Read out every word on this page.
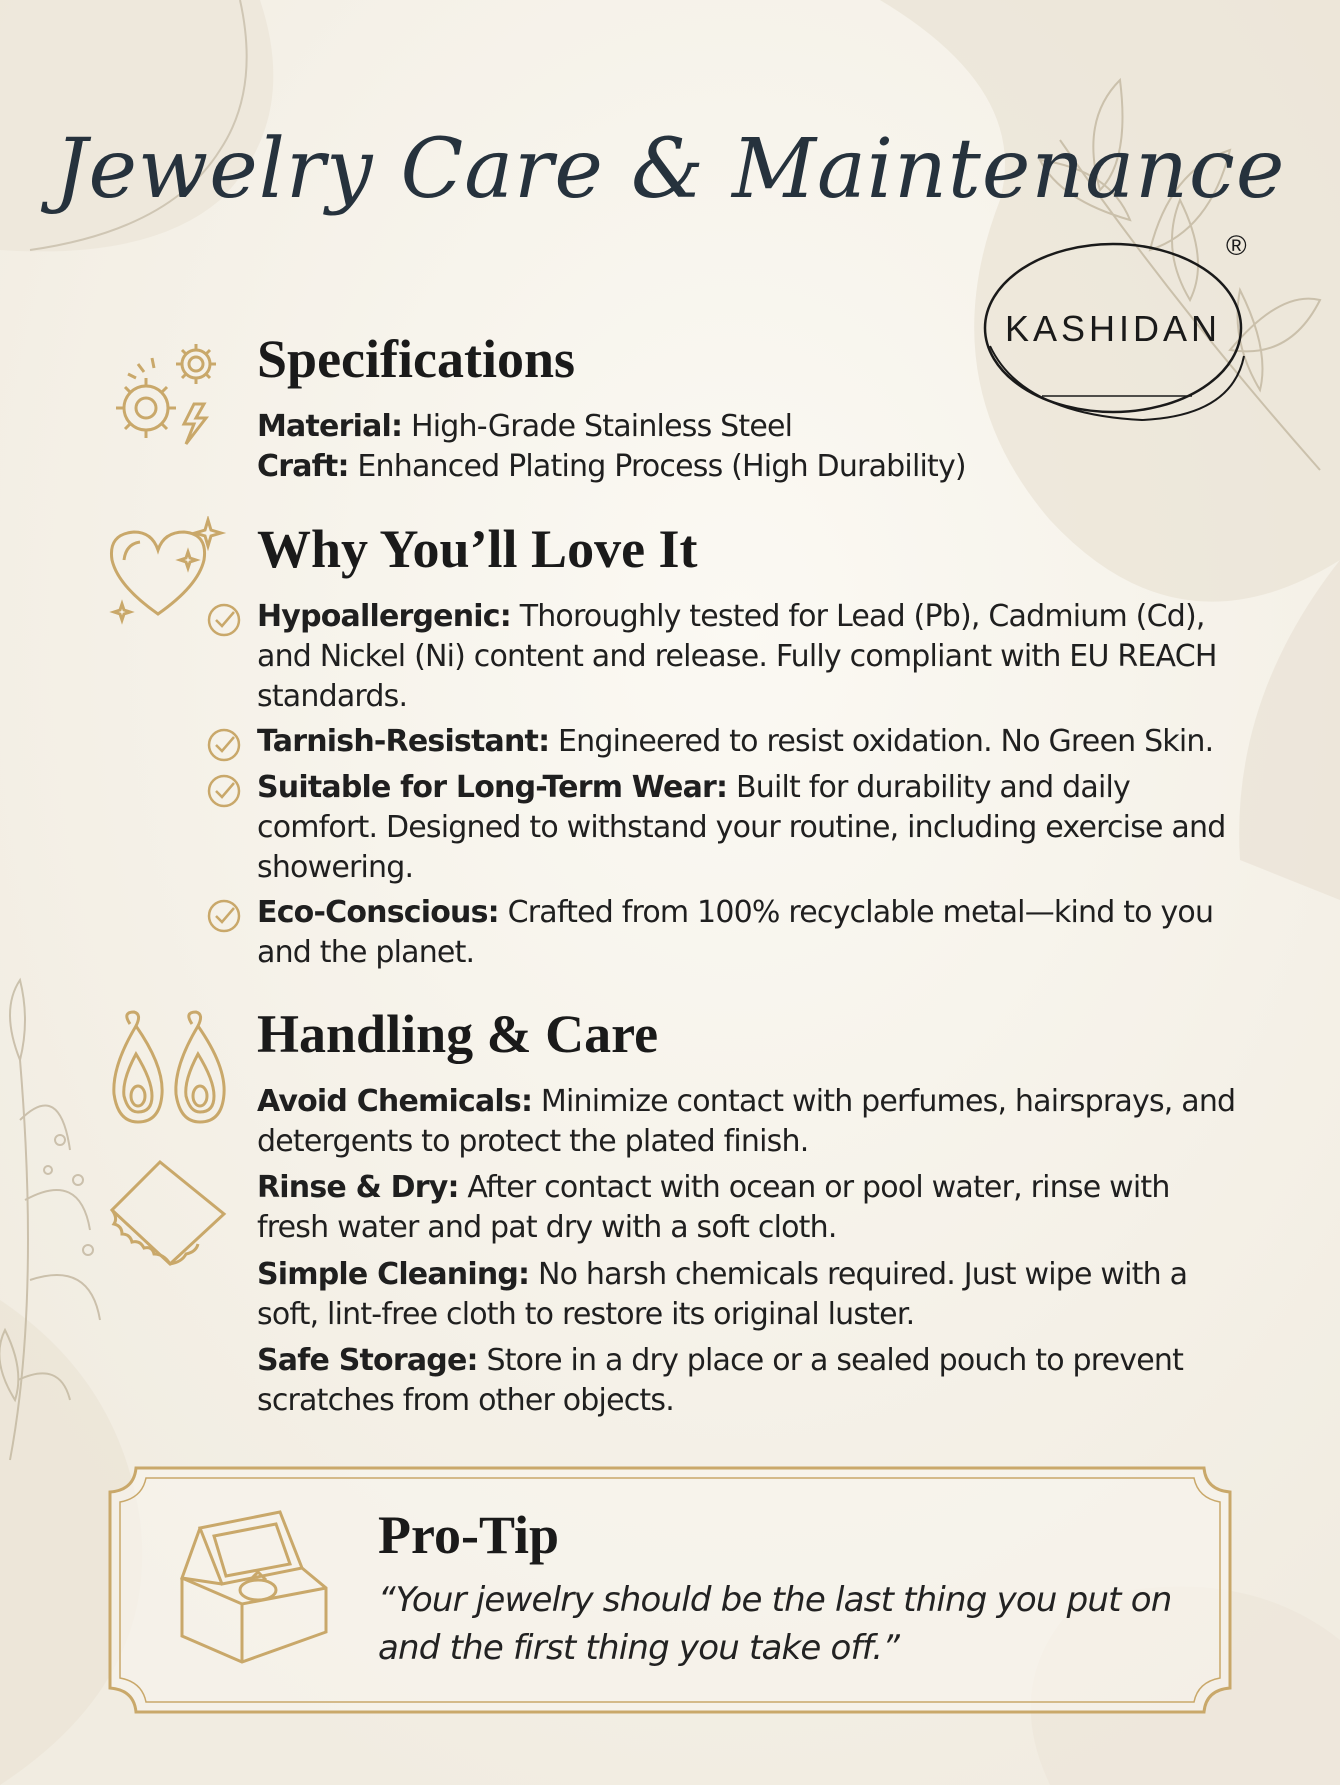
Jewelry Care & Maintenance
KASHIDAN
®
Specifications
Material: High-Grade Stainless Steel
Craft: Enhanced Plating Process (High Durability)
Why You’ll Love It
Hypoallergenic: Thoroughly tested for Lead (Pb), Cadmium (Cd), and Nickel (Ni) content and release. Fully compliant with EU REACH standards.
Tarnish-Resistant: Engineered to resist oxidation. No Green Skin.
Suitable for Long-Term Wear: Built for durability and daily comfort. Designed to withstand your routine, including exercise and showering.
Eco-Conscious: Crafted from 100% recyclable metal—kind to you and the planet.
Handling & Care
Avoid Chemicals: Minimize contact with perfumes, hairsprays, and detergents to protect the plated finish.
Rinse & Dry: After contact with ocean or pool water, rinse with fresh water and pat dry with a soft cloth.
Simple Cleaning: No harsh chemicals required. Just wipe with a soft, lint-free cloth to restore its original luster.
Safe Storage: Store in a dry place or a sealed pouch to prevent scratches from other objects.
Pro-Tip
“Your jewelry should be the last thing you put on and the first thing you take off.”
